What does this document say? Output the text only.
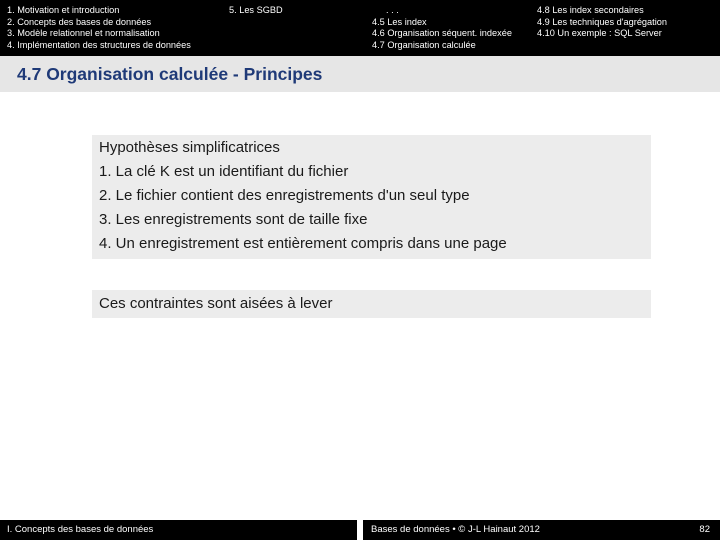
1. Motivation et introduction
2. Concepts des bases de données
3. Modèle relationnel et normalisation
4. Implémentation des structures de données
5. Les SGBD	. . .
4.5 Les index
4.6 Organisation séquent. indexée
4.7 Organisation calculée
4.8 Les index secondaires
4.9 Les techniques d'agrégation
4.10 Un exemple : SQL Server
4.7 Organisation calculée - Principes
Hypothèses simplificatrices
1. La clé K est un identifiant du fichier
2. Le fichier contient des enregistrements d'un seul type
3. Les enregistrements sont de taille fixe
4. Un enregistrement est entièrement compris dans une page
Ces contraintes sont aisées à lever
I. Concepts des bases de données	Bases de données • © J-L Hainaut 2012	82
